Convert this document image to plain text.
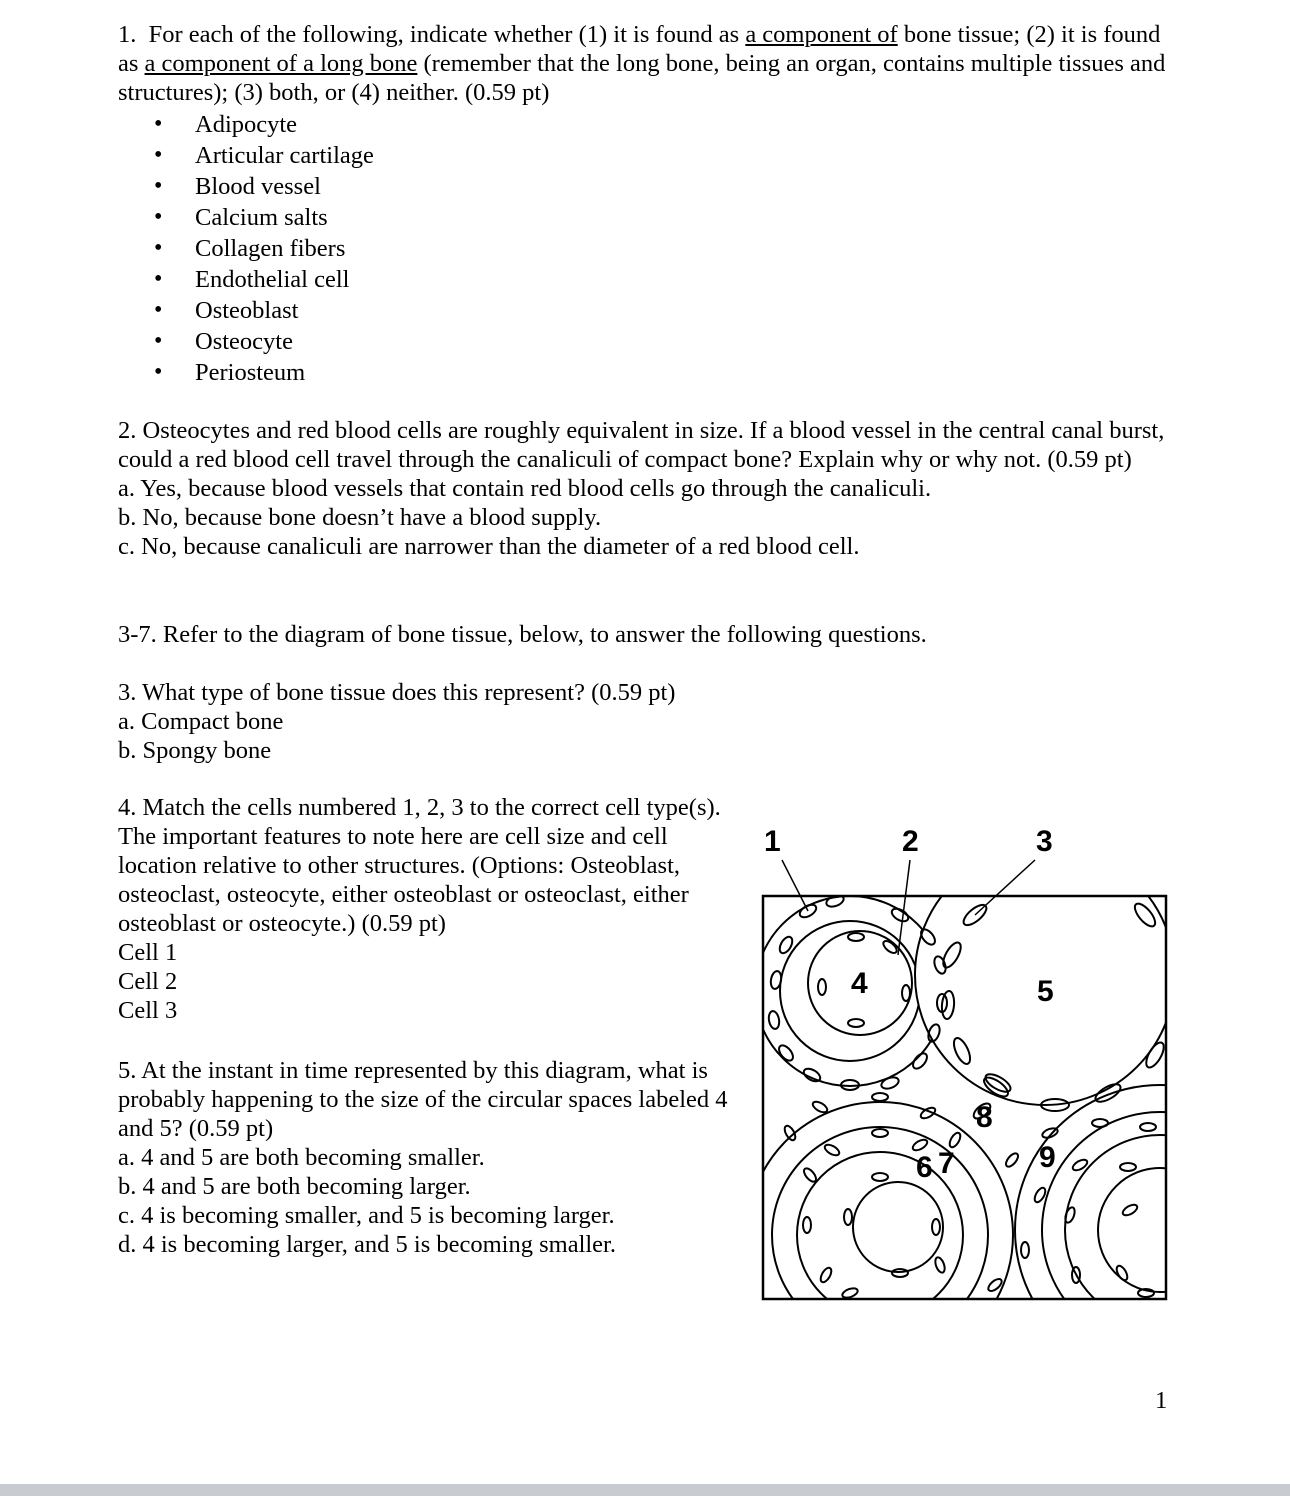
1. For each of the following, indicate whether (1) it is found as a component of bone tissue; (2) it is found as a component of a long bone (remember that the long bone, being an organ, contains multiple tissues and structures); (3) both, or (4) neither. (0.59 pt)

• Adipocyte
• Articular cartilage
• Blood vessel
• Calcium salts
• Collagen fibers
• Endothelial cell
• Osteoblast
• Osteocyte
• Periosteum

2. Osteocytes and red blood cells are roughly equivalent in size. If a blood vessel in the central canal burst, could a red blood cell travel through the canaliculi of compact bone? Explain why or why not. (0.59 pt)

a. Yes, because blood vessels that contain red blood cells go through the canaliculi.

b. No, because bone doesn’t have a blood supply.

c. No, because canaliculi are narrower than the diameter of a red blood cell.

3-7. Refer to the diagram of bone tissue, below, to answer the following questions.

3. What type of bone tissue does this represent? (0.59 pt)

a. Compact bone

b. Spongy bone

4. Match the cells numbered 1, 2, 3 to the correct cell type(s). The important features to note here are cell size and cell location relative to other structures. (Options: Osteoblast, osteoclast, osteocyte, either osteoblast or osteoclast, either osteoblast or osteocyte.) (0.59 pt)

Cell 1

Cell 2

Cell 3

5. At the instant in time represented by this diagram, what is probably happening to the size of the circular spaces labeled 4 and 5? (0.59 pt)

a. 4 and 5 are both becoming smaller.

b. 4 and 5 are both becoming larger.

c. 4 is becoming smaller, and 5 is becoming larger.

d. 4 is becoming larger, and 5 is becoming smaller.

1	2	3
4	5
6 7
8
9
1
